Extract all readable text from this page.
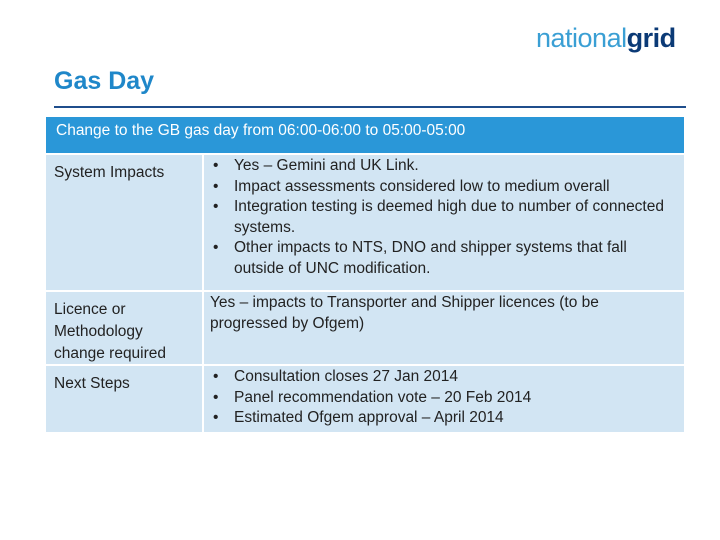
nationalgrid
Gas Day
Change to the GB gas day from 06:00-06:00 to 05:00-05:00
System Impacts	• Yes – Gemini and UK Link.
• Impact assessments considered low to medium overall
• Integration testing is deemed high due to number of connected systems.
• Other impacts to NTS, DNO and shipper systems that fall outside of UNC modification.
Licence or Methodology change required
Yes – impacts to Transporter and Shipper licences (to be progressed by Ofgem)
Next Steps	• Consultation closes 27 Jan 2014
• Panel recommendation vote – 20 Feb 2014
• Estimated Ofgem approval – April 2014
